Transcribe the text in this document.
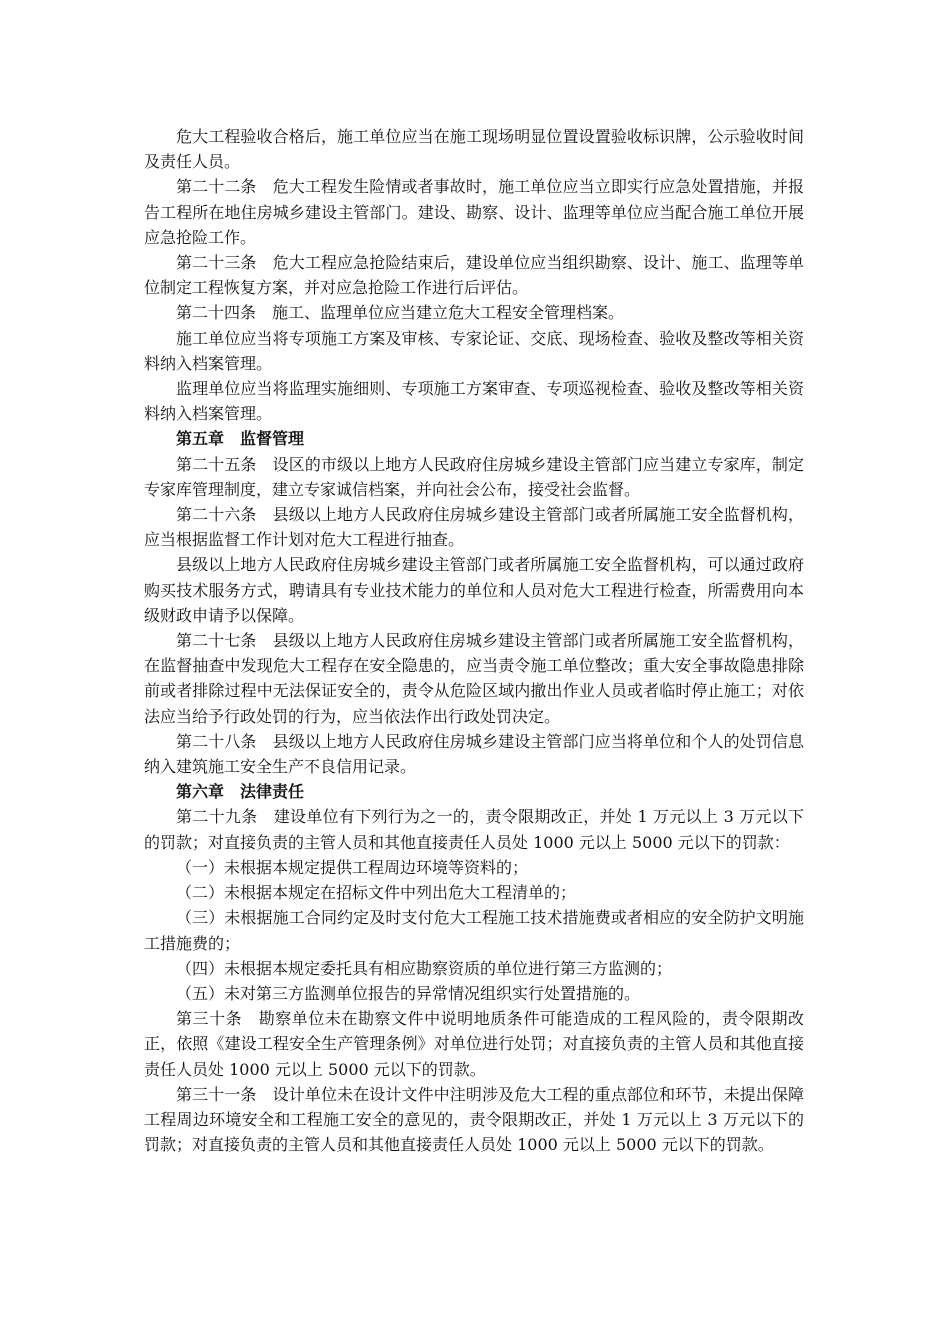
危大工程验收合格后，施工单位应当在施工现场明显位置设置验收标识牌，公示验收时间及责任人员。

第二十二条　危大工程发生险情或者事故时，施工单位应当立即实行应急处置措施，并报告工程所在地住房城乡建设主管部门。建设、勘察、设计、监理等单位应当配合施工单位开展应急抢险工作。

第二十三条　危大工程应急抢险结束后，建设单位应当组织勘察、设计、施工、监理等单位制定工程恢复方案，并对应急抢险工作进行后评估。

第二十四条　施工、监理单位应当建立危大工程安全管理档案。

施工单位应当将专项施工方案及审核、专家论证、交底、现场检查、验收及整改等相关资料纳入档案管理。

监理单位应当将监理实施细则、专项施工方案审查、专项巡视检查、验收及整改等相关资料纳入档案管理。

第五章　监督管理

第二十五条　设区的市级以上地方人民政府住房城乡建设主管部门应当建立专家库，制定专家库管理制度，建立专家诚信档案，并向社会公布，接受社会监督。

第二十六条　县级以上地方人民政府住房城乡建设主管部门或者所属施工安全监督机构，应当根据监督工作计划对危大工程进行抽查。

县级以上地方人民政府住房城乡建设主管部门或者所属施工安全监督机构，可以通过政府购买技术服务方式，聘请具有专业技术能力的单位和人员对危大工程进行检查，所需费用向本级财政申请予以保障。

第二十七条　县级以上地方人民政府住房城乡建设主管部门或者所属施工安全监督机构，在监督抽查中发现危大工程存在安全隐患的，应当责令施工单位整改；重大安全事故隐患排除前或者排除过程中无法保证安全的，责令从危险区域内撤出作业人员或者临时停止施工；对依法应当给予行政处罚的行为，应当依法作出行政处罚决定。

第二十八条　县级以上地方人民政府住房城乡建设主管部门应当将单位和个人的处罚信息纳入建筑施工安全生产不良信用记录。

第六章　法律责任

第二十九条　建设单位有下列行为之一的，责令限期改正，并处 1 万元以上 3 万元以下的罚款；对直接负责的主管人员和其他直接责任人员处 1000 元以上 5000 元以下的罚款：

（一）未根据本规定提供工程周边环境等资料的；

（二）未根据本规定在招标文件中列出危大工程清单的；

（三）未根据施工合同约定及时支付危大工程施工技术措施费或者相应的安全防护文明施工措施费的；

（四）未根据本规定委托具有相应勘察资质的单位进行第三方监测的；

（五）未对第三方监测单位报告的异常情况组织实行处置措施的。

第三十条　勘察单位未在勘察文件中说明地质条件可能造成的工程风险的，责令限期改正，依照《建设工程安全生产管理条例》对单位进行处罚；对直接负责的主管人员和其他直接责任人员处 1000 元以上 5000 元以下的罚款。

第三十一条　设计单位未在设计文件中注明涉及危大工程的重点部位和环节，未提出保障工程周边环境安全和工程施工安全的意见的，责令限期改正，并处 1 万元以上 3 万元以下的罚款；对直接负责的主管人员和其他直接责任人员处 1000 元以上 5000 元以下的罚款。
